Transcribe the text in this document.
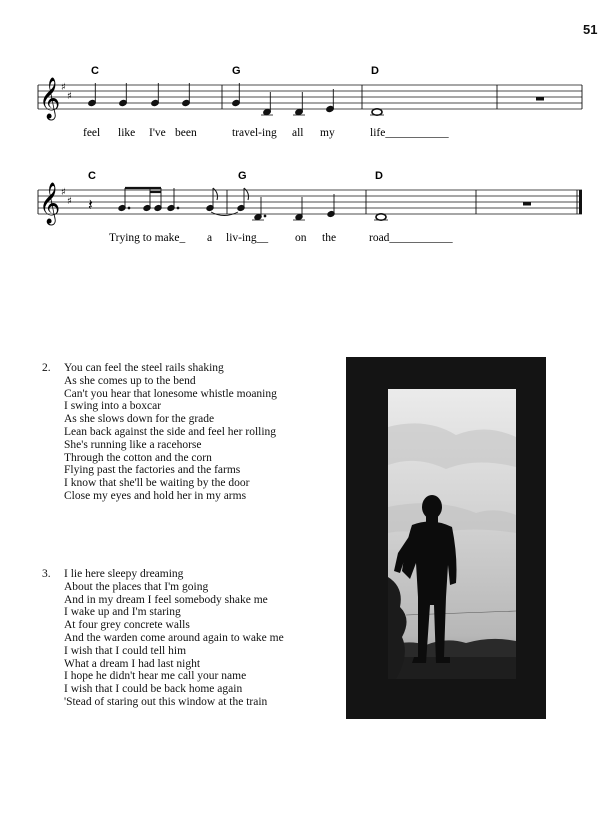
51
𝄞 ♯
♯
C	G	D
feel like I've been	travel-ing all my	life___________
𝄞 ♯
♯ 𝄽
C	G	D
Trying to make_ a liv-ing__ on the	road___________
2. You can feel the steel rails shaking
As she comes up to the bend
Can't you hear that lonesome whistle moaning
I swing into a boxcar
As she slows down for the grade
Lean back against the side and feel her rolling
She's running like a racehorse
Through the cotton and the corn
Flying past the factories and the farms
I know that she'll be waiting by the door
Close my eyes and hold her in my arms
3. I lie here sleepy dreaming
About the places that I'm going
And in my dream I feel somebody shake me
I wake up and I'm staring
At four grey concrete walls
And the warden come around again to wake me
I wish that I could tell him
What a dream I had last night
I hope he didn't hear me call your name
I wish that I could be back home again
'Stead of staring out this window at the train
